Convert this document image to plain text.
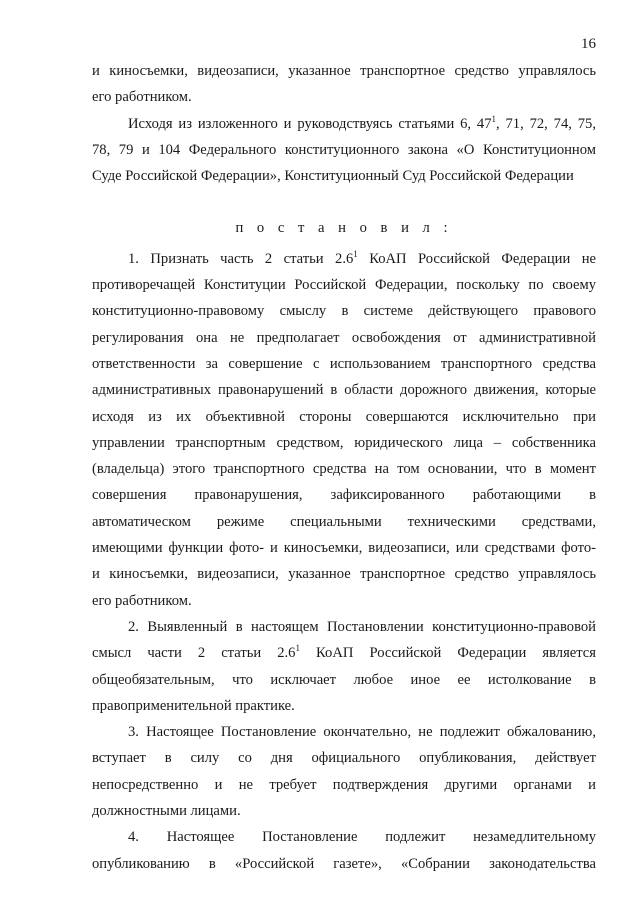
16
и киносъемки, видеозаписи, указанное транспортное средство управлялось
его работником.
Исходя из изложенного и руководствуясь статьями 6, $47^1$, 71, 72, 74, 75,
78, 79 и 104 Федерального конституционного закона «О Конституционном
Суде Российской Федерации», Конституционный Суд Российской Федерации
п о с т а н о в и л :
1. Признать часть 2 статьи $2.6^1$ КоАП Российской Федерации не
противоречащей Конституции Российской Федерации, поскольку по своему
конституционно-правовому смыслу в системе действующего правового
регулирования она не предполагает освобождения от административной
ответственности за совершение с использованием транспортного средства
административных правонарушений в области дорожного движения, которые
исходя из их объективной стороны совершаются исключительно при
управлении транспортным средством, юридического лица – собственника
(владельца) этого транспортного средства на том основании, что в момент
совершения правонарушения, зафиксированного работающими в
автоматическом режиме специальными техническими средствами,
имеющими функции фото- и киносъемки, видеозаписи, или средствами фото-
и киносъемки, видеозаписи, указанное транспортное средство управлялось
его работником.
2. Выявленный в настоящем Постановлении конституционно-правовой
смысл части 2 статьи $2.6^1$ КоАП Российской Федерации является
общеобязательным, что исключает любое иное ее истолкование в
правоприменительной практике.
3. Настоящее Постановление окончательно, не подлежит обжалованию,
вступает в силу со дня официального опубликования, действует
непосредственно и не требует подтверждения другими органами и
должностными лицами.
4. Настоящее Постановление подлежит незамедлительному
опубликованию в «Российской газете», «Собрании законодательства
